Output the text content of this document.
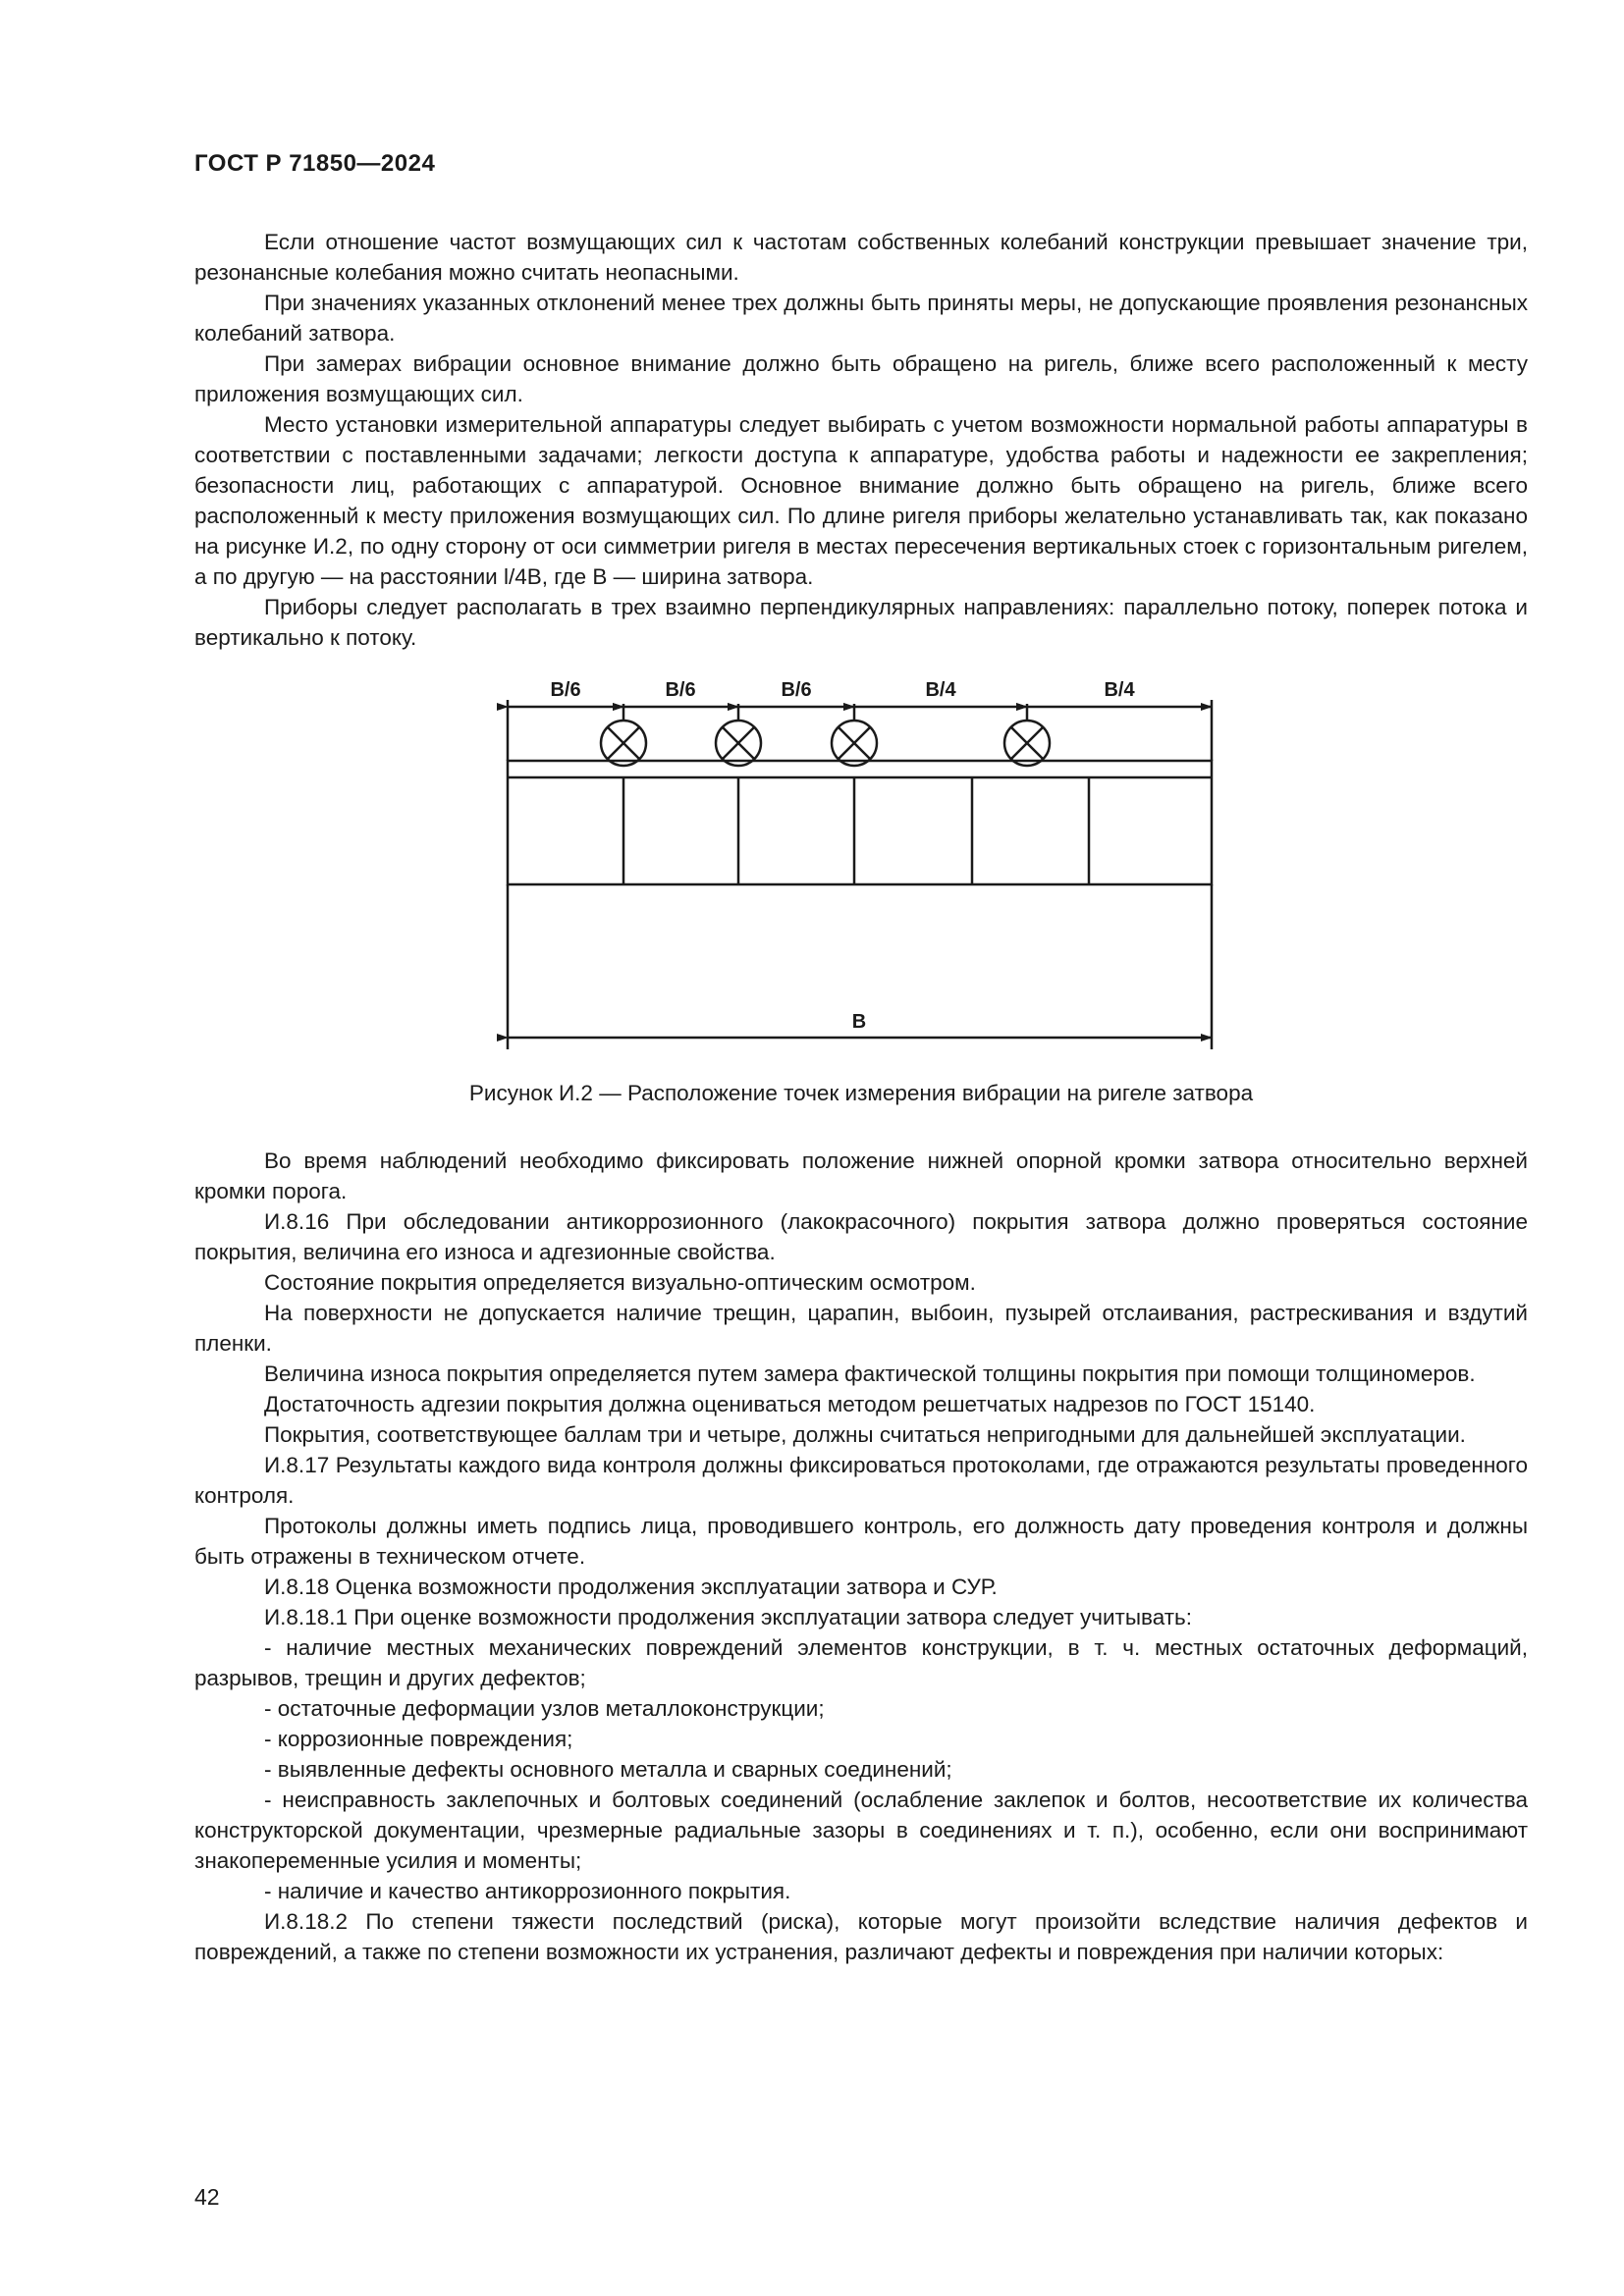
ГОСТ Р 71850—2024

Если отношение частот возмущающих сил к частотам собственных колебаний конструкции превышает значение три, резонансные колебания можно считать неопасными.

При значениях указанных отклонений менее трех должны быть приняты меры, не допускающие проявления резонансных колебаний затвора.

При замерах вибрации основное внимание должно быть обращено на ригель, ближе всего расположенный к месту приложения возмущающих сил.

Место установки измерительной аппаратуры следует выбирать с учетом возможности нормальной работы аппаратуры в соответствии с поставленными задачами; легкости доступа к аппаратуре, удобства работы и надежности ее закрепления; безопасности лиц, работающих с аппаратурой. Основное внимание должно быть обращено на ригель, ближе всего расположенный к месту приложения возмущающих сил. По длине ригеля приборы желательно устанавливать так, как показано на рисунке И.2, по одну сторону от оси симметрии ригеля в местах пересечения вертикальных стоек с горизонтальным ригелем, а по другую — на расстоянии l/4B, где B — ширина затвора.

Приборы следует располагать в трех взаимно перпендикулярных направлениях: параллельно потоку, поперек потока и вертикально к потоку.

B/6	B/6	B/6	B/4	B/4
B
Рисунок И.2 — Расположение точек измерения вибрации на ригеле затвора

Во время наблюдений необходимо фиксировать положение нижней опорной кромки затвора относительно верхней кромки порога.

И.8.16 При обследовании антикоррозионного (лакокрасочного) покрытия затвора должно проверяться состояние покрытия, величина его износа и адгезионные свойства.

Состояние покрытия определяется визуально-оптическим осмотром.

На поверхности не допускается наличие трещин, царапин, выбоин, пузырей отслаивания, растрескивания и вздутий пленки.

Величина износа покрытия определяется путем замера фактической толщины покрытия при помощи толщиномеров.

Достаточность адгезии покрытия должна оцениваться методом решетчатых надрезов по ГОСТ 15140.

Покрытия, соответствующее баллам три и четыре, должны считаться непригодными для дальнейшей эксплуатации.

И.8.17 Результаты каждого вида контроля должны фиксироваться протоколами, где отражаются результаты проведенного контроля.

Протоколы должны иметь подпись лица, проводившего контроль, его должность дату проведения контроля и должны быть отражены в техническом отчете.

И.8.18 Оценка возможности продолжения эксплуатации затвора и СУР.

И.8.18.1 При оценке возможности продолжения эксплуатации затвора следует учитывать:

- наличие местных механических повреждений элементов конструкции, в т. ч. местных остаточных деформаций, разрывов, трещин и других дефектов;

- остаточные деформации узлов металлоконструкции;

- коррозионные повреждения;

- выявленные дефекты основного металла и сварных соединений;

- неисправность заклепочных и болтовых соединений (ослабление заклепок и болтов, несоответствие их количества конструкторской документации, чрезмерные радиальные зазоры в соединениях и т. п.), особенно, если они воспринимают знакопеременные усилия и моменты;

- наличие и качество антикоррозионного покрытия.

И.8.18.2 По степени тяжести последствий (риска), которые могут произойти вследствие наличия дефектов и повреждений, а также по степени возможности их устранения, различают дефекты и повреждения при наличии которых:

42
